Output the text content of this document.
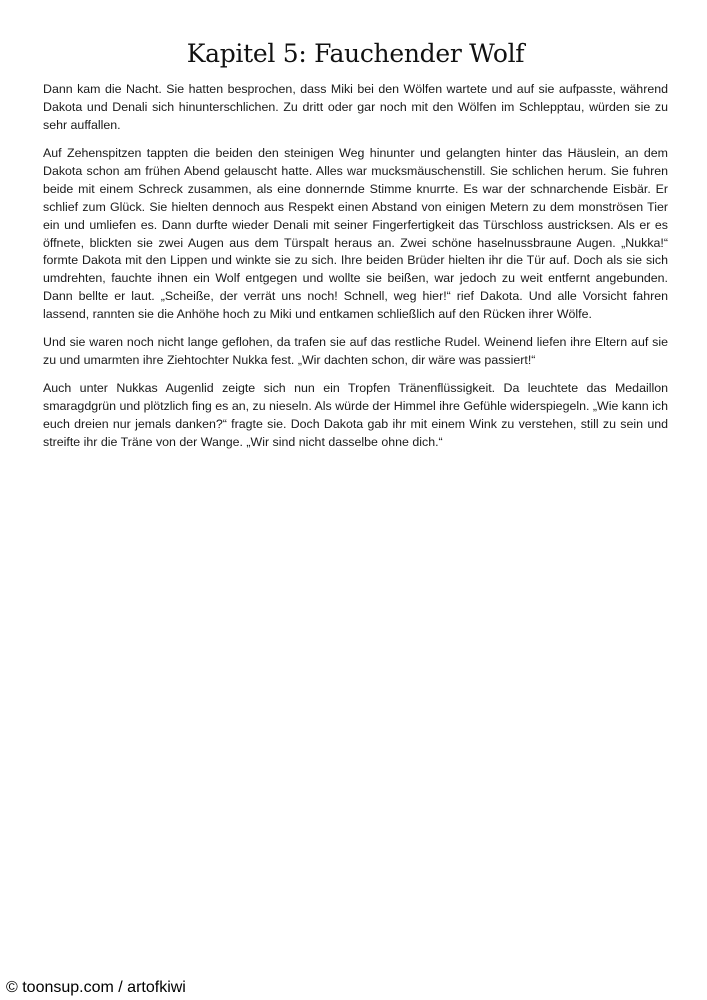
Kapitel 5: Fauchender Wolf

Dann kam die Nacht. Sie hatten besprochen, dass Miki bei den Wölfen wartete und auf sie aufpasste, während Dakota und Denali sich hinunterschlichen. Zu dritt oder gar noch mit den Wölfen im Schlepptau, würden sie zu sehr auffallen.

Auf Zehenspitzen tappten die beiden den steinigen Weg hinunter und gelangten hinter das Häuslein, an dem Dakota schon am frühen Abend gelauscht hatte. Alles war mucksmäuschenstill. Sie schlichen herum. Sie fuhren beide mit einem Schreck zusammen, als eine donnernde Stimme knurrte. Es war der schnarchende Eisbär. Er schlief zum Glück. Sie hielten dennoch aus Respekt einen Abstand von einigen Metern zu dem monströsen Tier ein und umliefen es. Dann durfte wieder Denali mit seiner Fingerfertigkeit das Türschloss austricksen. Als er es öffnete, blickten sie zwei Augen aus dem Türspalt heraus an. Zwei schöne haselnussbraune Augen. „Nukka!“ formte Dakota mit den Lippen und winkte sie zu sich. Ihre beiden Brüder hielten ihr die Tür auf. Doch als sie sich umdrehten, fauchte ihnen ein Wolf entgegen und wollte sie beißen, war jedoch zu weit entfernt angebunden. Dann bellte er laut. „Scheiße, der verrät uns noch! Schnell, weg hier!“ rief Dakota. Und alle Vorsicht fahren lassend, rannten sie die Anhöhe hoch zu Miki und entkamen schließlich auf den Rücken ihrer Wölfe.

Und sie waren noch nicht lange geflohen, da trafen sie auf das restliche Rudel. Weinend liefen ihre Eltern auf sie zu und umarmten ihre Ziehtochter Nukka fest. „Wir dachten schon, dir wäre was passiert!“

Auch unter Nukkas Augenlid zeigte sich nun ein Tropfen Tränenflüssigkeit. Da leuchtete das Medaillon smaragdgrün und plötzlich fing es an, zu nieseln. Als würde der Himmel ihre Gefühle widerspiegeln. „Wie kann ich euch dreien nur jemals danken?“ fragte sie. Doch Dakota gab ihr mit einem Wink zu verstehen, still zu sein und streifte ihr die Träne von der Wange. „Wir sind nicht dasselbe ohne dich.“

© toonsup.com / artofkiwi
